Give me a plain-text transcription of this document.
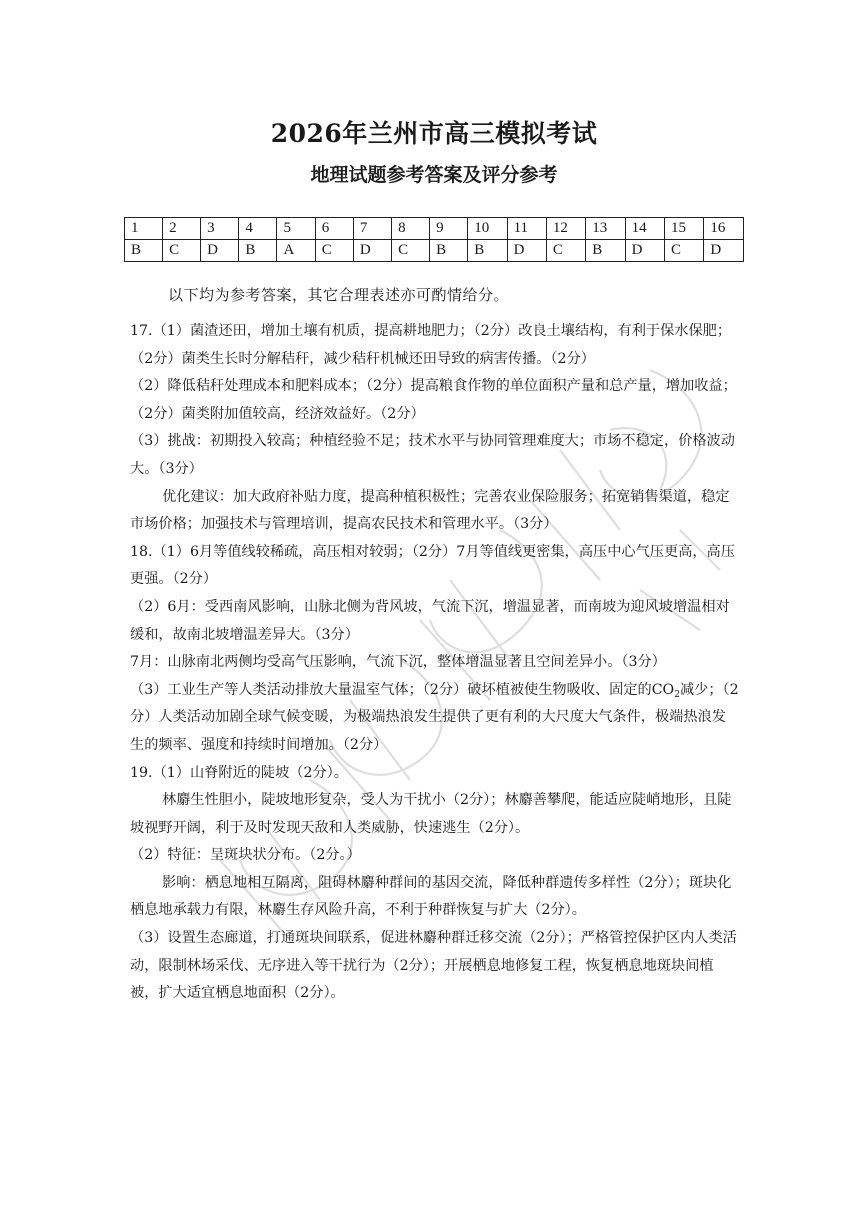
2026年兰州市高三模拟考试
地理试题参考答案及评分参考
1	2	3	4	5	6	7	8	9	10	11	12	13	14	15	16
B	C	D	B	A	C	D	C	B	B	D	C	B	D	C	D
以下均为参考答案，其它合理表述亦可酌情给分。

17.（1）菌渣还田，增加土壤有机质，提高耕地肥力；（2分）改良土壤结构，有利于保水保肥；（2分）菌类生长时分解秸秆，减少秸秆机械还田导致的病害传播。（2分）

（2）降低秸秆处理成本和肥料成本；（2分）提高粮食作物的单位面积产量和总产量，增加收益；（2分）菌类附加值较高，经济效益好。（2分）

（3）挑战：初期投入较高；种植经验不足；技术水平与协同管理难度大；市场不稳定，价格波动大。（3分）

优化建议：加大政府补贴力度，提高种植积极性；完善农业保险服务；拓宽销售渠道，稳定市场价格；加强技术与管理培训，提高农民技术和管理水平。（3分）

18.（1）6月等值线较稀疏，高压相对较弱；（2分）7月等值线更密集，高压中心气压更高，高压更强。（2分）

（2）6月：受西南风影响，山脉北侧为背风坡，气流下沉，增温显著，而南坡为迎风坡增温相对缓和，故南北坡增温差异大。（3分）

7月：山脉南北两侧均受高气压影响，气流下沉，整体增温显著且空间差异小。（3分）

（3）工业生产等人类活动排放大量温室气体；（2分）破坏植被使生物吸收、固定的$CO_2$减少；（2分）人类活动加剧全球气候变暖，为极端热浪发生提供了更有利的大尺度大气条件，极端热浪发生的频率、强度和持续时间增加。（2分）

19.（1）山脊附近的陡坡（2分）。

林麝生性胆小，陡坡地形复杂，受人为干扰小（2分）；林麝善攀爬，能适应陡峭地形，且陡坡视野开阔，利于及时发现天敌和人类威胁，快速逃生（2分）。

（2）特征：呈斑块状分布。（2分。）

影响：栖息地相互隔离，阻碍林麝种群间的基因交流，降低种群遗传多样性（2分）；斑块化栖息地承载力有限，林麝生存风险升高，不利于种群恢复与扩大（2分）。

（3）设置生态廊道，打通斑块间联系，促进林麝种群迁移交流（2分）；严格管控保护区内人类活动，限制林场采伐、无序进入等干扰行为（2分）；开展栖息地修复工程，恢复栖息地斑块间植被，扩大适宜栖息地面积（2分）。
